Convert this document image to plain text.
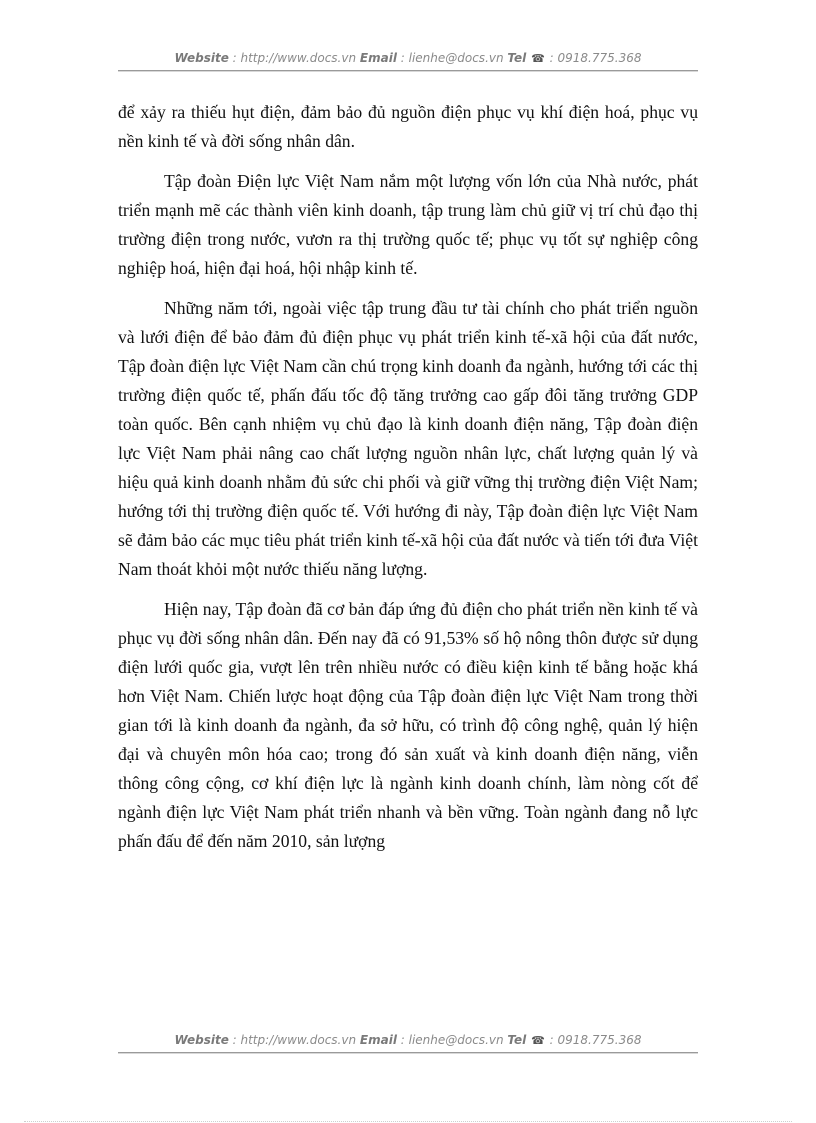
Website : http://www.docs.vn Email : lienhe@docs.vn Tel ☎ : 0918.775.368

để xảy ra thiếu hụt điện, đảm bảo đủ nguồn điện phục vụ khí điện hoá, phục vụ nền kinh tế và đời sống nhân dân.

Tập đoàn Điện lực Việt Nam nắm một lượng vốn lớn của Nhà nước, phát triển mạnh mẽ các thành viên kinh doanh, tập trung làm chủ giữ vị trí chủ đạo thị trường điện trong nước, vươn ra thị trường quốc tế; phục vụ tốt sự nghiệp công nghiệp hoá, hiện đại hoá, hội nhập kinh tế.

Những năm tới, ngoài việc tập trung đầu tư tài chính cho phát triển nguồn và lưới điện để bảo đảm đủ điện phục vụ phát triển kinh tế-xã hội của đất nước, Tập đoàn điện lực Việt Nam cần chú trọng kinh doanh đa ngành, hướng tới các thị trường điện quốc tế, phấn đấu tốc độ tăng trưởng cao gấp đôi tăng trưởng GDP toàn quốc. Bên cạnh nhiệm vụ chủ đạo là kinh doanh điện năng, Tập đoàn điện lực Việt Nam phải nâng cao chất lượng nguồn nhân lực, chất lượng quản lý và hiệu quả kinh doanh nhằm đủ sức chi phối và giữ vững thị trường điện Việt Nam; hướng tới thị trường điện quốc tế. Với hướng đi này, Tập đoàn điện lực Việt Nam sẽ đảm bảo các mục tiêu phát triển kinh tế-xã hội của đất nước và tiến tới đưa Việt Nam thoát khỏi một nước thiếu năng lượng.

Hiện nay, Tập đoàn đã cơ bản đáp ứng đủ điện cho phát triển nền kinh tế và phục vụ đời sống nhân dân. Đến nay đã có 91,53% số hộ nông thôn được sử dụng điện lưới quốc gia, vượt lên trên nhiều nước có điều kiện kinh tế bằng hoặc khá hơn Việt Nam. Chiến lược hoạt động của Tập đoàn điện lực Việt Nam trong thời gian tới là kinh doanh đa ngành, đa sở hữu, có trình độ công nghệ, quản lý hiện đại và chuyên môn hóa cao; trong đó sản xuất và kinh doanh điện năng, viễn thông công cộng, cơ khí điện lực là ngành kinh doanh chính, làm nòng cốt để ngành điện lực Việt Nam phát triển nhanh và bền vững. Toàn ngành đang nỗ lực phấn đấu để đến năm 2010, sản lượng

Website : http://www.docs.vn Email : lienhe@docs.vn Tel ☎ : 0918.775.368
